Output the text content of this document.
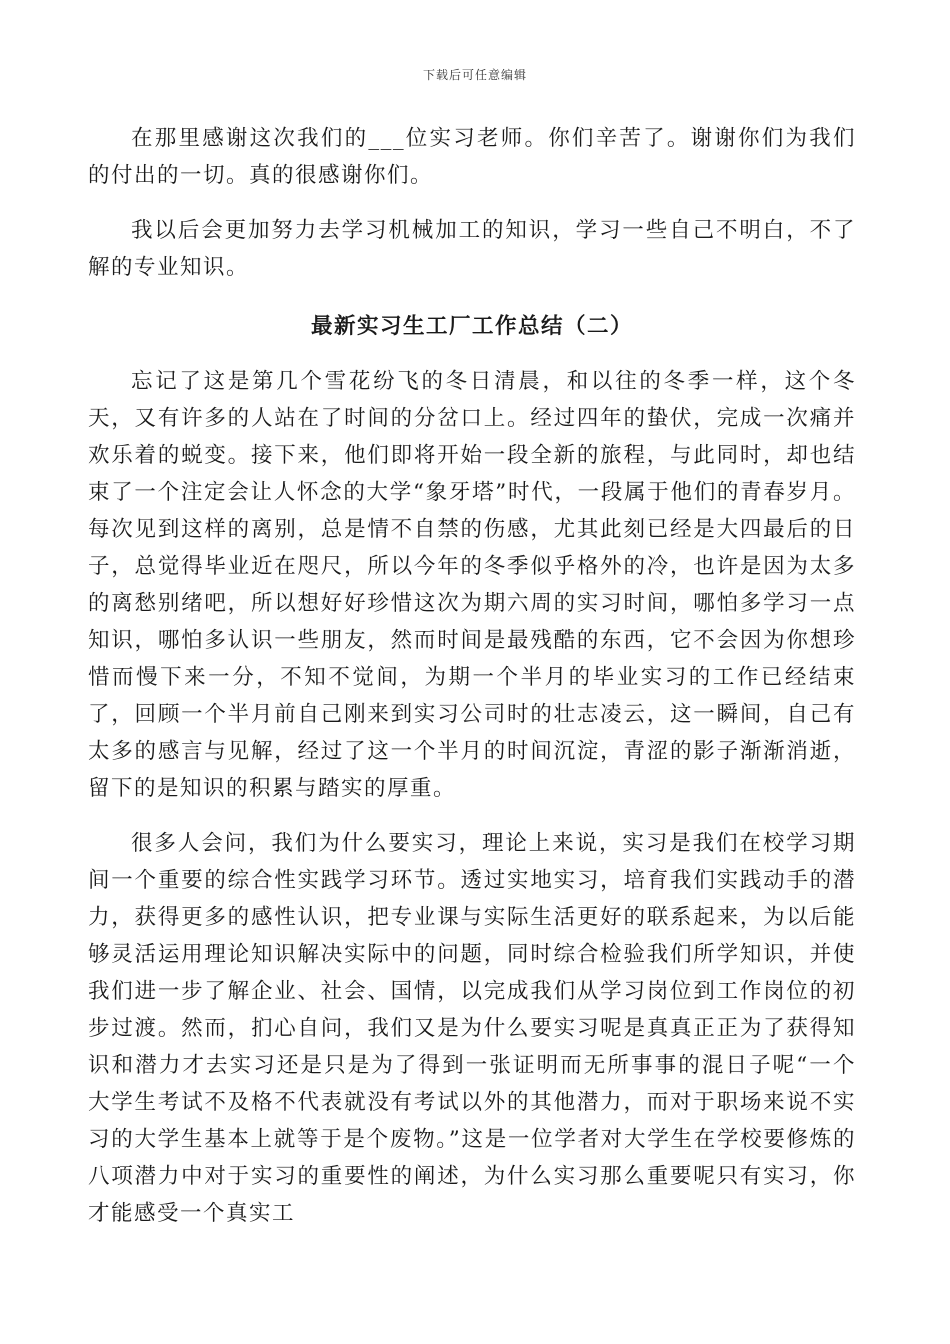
下载后可任意编辑

在那里感谢这次我们的___位实习老师。你们辛苦了。谢谢你们为我们的付出的一切。真的很感谢你们。

我以后会更加努力去学习机械加工的知识，学习一些自己不明白，不了解的专业知识。

最新实习生工厂工作总结（二）

忘记了这是第几个雪花纷飞的冬日清晨，和以往的冬季一样，这个冬天，又有许多的人站在了时间的分岔口上。经过四年的蛰伏，完成一次痛并欢乐着的蜕变。接下来，他们即将开始一段全新的旅程，与此同时，却也结束了一个注定会让人怀念的大学“象牙塔”时代，一段属于他们的青春岁月。每次见到这样的离别，总是情不自禁的伤感，尤其此刻已经是大四最后的日子，总觉得毕业近在咫尺，所以今年的冬季似乎格外的冷，也许是因为太多的离愁别绪吧，所以想好好珍惜这次为期六周的实习时间，哪怕多学习一点知识，哪怕多认识一些朋友，然而时间是最残酷的东西，它不会因为你想珍惜而慢下来一分，不知不觉间，为期一个半月的毕业实习的工作已经结束了，回顾一个半月前自己刚来到实习公司时的壮志凌云，这一瞬间，自己有太多的感言与见解，经过了这一个半月的时间沉淀，青涩的影子渐渐消逝，留下的是知识的积累与踏实的厚重。

很多人会问，我们为什么要实习，理论上来说，实习是我们在校学习期间一个重要的综合性实践学习环节。透过实地实习，培育我们实践动手的潜力，获得更多的感性认识，把专业课与实际生活更好的联系起来，为以后能够灵活运用理论知识解决实际中的问题，同时综合检验我们所学知识，并使我们进一步了解企业、社会、国情，以完成我们从学习岗位到工作岗位的初步过渡。然而，扪心自问，我们又是为什么要实习呢是真真正正为了获得知识和潜力才去实习还是只是为了得到一张证明而无所事事的混日子呢“一个大学生考试不及格不代表就没有考试以外的其他潜力，而对于职场来说不实习的大学生基本上就等于是个废物。”这是一位学者对大学生在学校要修炼的八项潜力中对于实习的重要性的阐述，为什么实习那么重要呢只有实习，你才能感受一个真实工
